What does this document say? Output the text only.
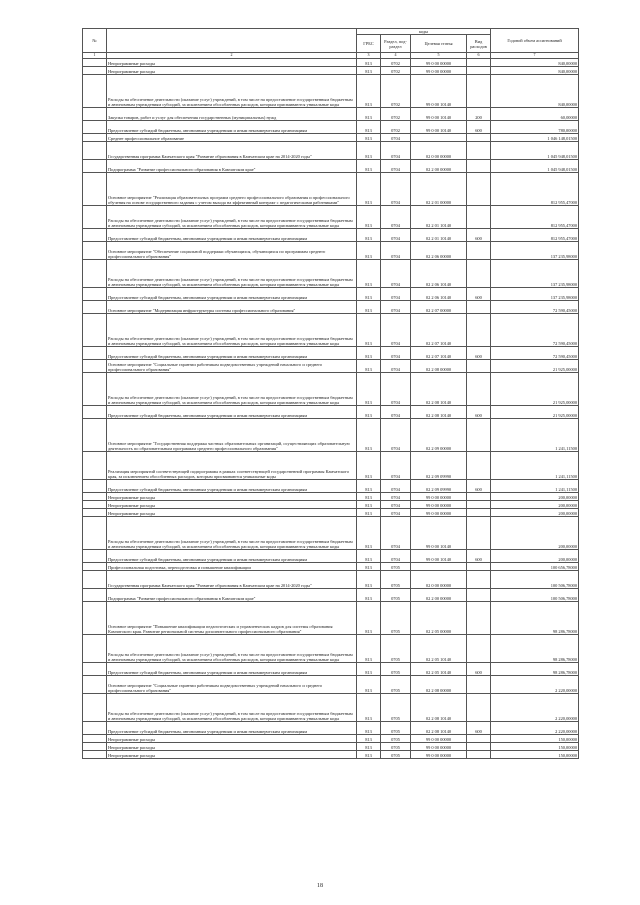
№		коды				Годовой объем ассигнований
		ГРБС	Раздел, под-раздел	Целевая статья	Вид расходов	
1	2	3	4	5	6	7
	Непрограммные расходы	813	0702	99 0 00 00000		840,00000
	Непрограммные расходы	813	0702	99 0 00 00000		840,00000
	Расходы на обеспечение деятельности (оказание услуг) учреждений, в том числе на предоставление государственным бюджетным и автономным учреждениям субсидий, за исключением обособленных расходов, которым присваиваются уникальные коды	813	0702	99 0 00 10140		840,00000
	Закупка товаров, работ и услуг для обеспечения государственных (муниципальных) нужд	813	0702	99 0 00 10140	200	60,00000
	Предоставление субсидий бюджетным, автономным учреждениям и иным некоммерческим организациям	813	0702	99 0 00 10140	600	780,00000
	Среднее профессиональное образование	813	0704			1 046 148,01500
	Государственная программа Камчатского края "Развитие образования в Камчатском крае на 2014-2020 годы"	813	0704	02 0 00 00000		1 045 948,01500
	Подпрограмма "Развитие профессионального образования в Камчатском крае"	813	0704	02 2 00 00000		1 045 948,01500
	Основное мероприятие "Реализация образовательных программ среднего профессионального образования и профессионального обучения на основе государственного задания с учетом выхода на эффективный контракт с педагогическими работниками"	813	0704	02 2 01 00000		812 955,47000
	Расходы на обеспечение деятельности (оказание услуг) учреждений, в том числе на предоставление государственным бюджетным и автономным учреждениям субсидий, за исключением обособленных расходов, которым присваиваются уникальные коды	813	0704	02 2 01 10140		812 955,47000
	Предоставление субсидий бюджетным, автономным учреждениям и иным некоммерческим организациям	813	0704	02 2 01 10140	600	812 955,47000
	Основное мероприятие "Обеспечение социальной поддержки обучающихся, обучающихся по программам среднего профессионального образования"	813	0704	02 2 06 00000		137 235,98000
	Расходы на обеспечение деятельности (оказание услуг) учреждений, в том числе на предоставление государственным бюджетным и автономным учреждениям субсидий, за исключением обособленных расходов, которым присваиваются уникальные коды	813	0704	02 2 06 10140		137 235,98000
	Предоставление субсидий бюджетным, автономным учреждениям и иным некоммерческим организациям	813	0704	02 2 06 10140	600	137 235,98000
	Основное мероприятие "Модернизация инфраструктуры системы профессионального образования"	813	0704	02 2 07 00000		72 590,45000
	Расходы на обеспечение деятельности (оказание услуг) учреждений, в том числе на предоставление государственным бюджетным и автономным учреждениям субсидий, за исключением обособленных расходов, которым присваиваются уникальные коды	813	0704	02 2 07 10140		72 590,45000
	Предоставление субсидий бюджетным, автономным учреждениям и иным некоммерческим организациям	813	0704	02 2 07 10140	600	72 590,45000
	Основное мероприятие "Социальные гарантии работникам подведомственных учреждений начального и среднего профессионального образования"	813	0704	02 2 08 00000		21 925,00000
	Расходы на обеспечение деятельности (оказание услуг) учреждений, в том числе на предоставление государственным бюджетным и автономным учреждениям субсидий, за исключением обособленных расходов, которым присваиваются уникальные коды	813	0704	02 2 08 10140		21 925,00000
	Предоставление субсидий бюджетным, автономным учреждениям и иным некоммерческим организациям	813	0704	02 2 08 10140	600	21 925,00000
	Основное мероприятие "Государственная поддержка частных образовательных организаций, осуществляющих образовательную деятельность по образовательным программам среднего профессионального образования"	813	0704	02 2 09 00000		1 241,11500
	Реализация мероприятий соответствующей подпрограммы в рамках соответствующей государственной программы Камчатского края, за исключением обособленных расходов, которым присваиваются уникальные коды	813	0704	02 2 09 09990		1 241,11500
	Предоставление субсидий бюджетным, автономным учреждениям и иным некоммерческим организациям	813	0704	02 2 09 09990	600	1 241,11500
	Непрограммные расходы	813	0704	99 0 00 00000		200,00000
	Непрограммные расходы	813	0704	99 0 00 00000		200,00000
	Непрограммные расходы	813	0704	99 0 00 00000		200,00000
	Расходы на обеспечение деятельности (оказание услуг) учреждений, в том числе на предоставление государственным бюджетным и автономным учреждениям субсидий, за исключением обособленных расходов, которым присваиваются уникальные коды	813	0704	99 0 00 10140		200,00000
	Предоставление субсидий бюджетным, автономным учреждениям и иным некоммерческим организациям	813	0704	99 0 00 10140	600	200,00000
	Профессиональная подготовка, переподготовка и повышение квалификации	813	0705			100 656,78000
	Государственная программа Камчатского края "Развитие образования в Камчатском крае на 2014-2020 годы"	813	0705	02 0 00 00000		100 506,78000
	Подпрограмма "Развитие профессионального образования в Камчатском крае"	813	0705	02 2 00 00000		100 506,78000
	Основное мероприятие "Повышение квалификации педагогических и управленческих кадров для системы образования Камчатского края. Развитие региональной системы дополнительного профессионального образования"	813	0705	02 2 05 00000		98 286,78000
	Расходы на обеспечение деятельности (оказание услуг) учреждений, в том числе на предоставление государственным бюджетным и автономным учреждениям субсидий, за исключением обособленных расходов, которым присваиваются уникальные коды	813	0705	02 2 05 10140		98 286,78000
	Предоставление субсидий бюджетным, автономным учреждениям и иным некоммерческим организациям	813	0705	02 2 05 10140	600	98 286,78000
	Основное мероприятие "Социальные гарантии работникам подведомственных учреждений начального и среднего профессионального образования"	813	0705	02 2 08 00000		2 220,00000
	Расходы на обеспечение деятельности (оказание услуг) учреждений, в том числе на предоставление государственным бюджетным и автономным учреждениям субсидий, за исключением обособленных расходов, которым присваиваются уникальные коды	813	0705	02 2 08 10140		2 220,00000
	Предоставление субсидий бюджетным, автономным учреждениям и иным некоммерческим организациям	813	0705	02 2 08 10140	600	2 220,00000
	Непрограммные расходы	813	0705	99 0 00 00000		150,00000
	Непрограммные расходы	813	0705	99 0 00 00000		150,00000
	Непрограммные расходы	813	0705	99 0 00 00000		150,00000
18
